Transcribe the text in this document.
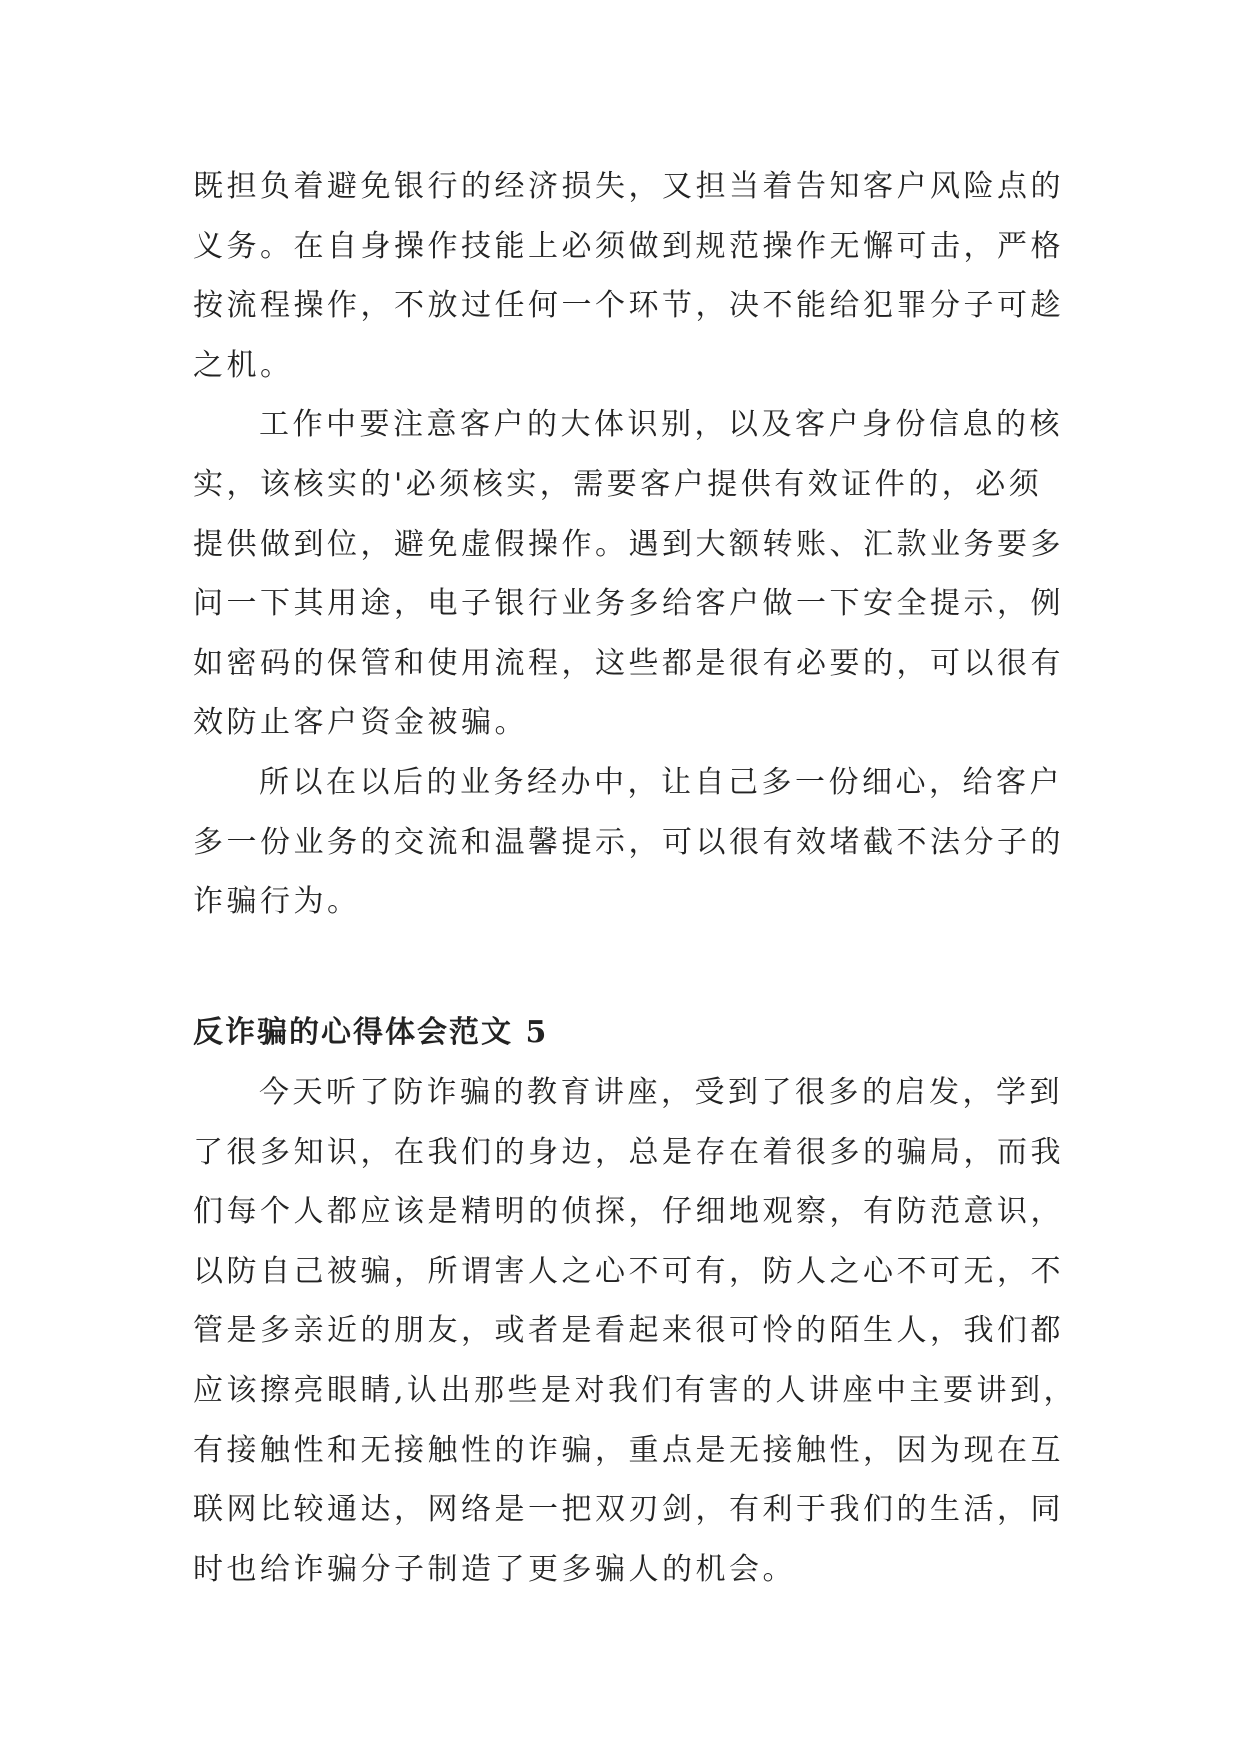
既担负着避免银行的经济损失，又担当着告知客户风险点的
义务。在自身操作技能上必须做到规范操作无懈可击，严格
按流程操作，不放过任何一个环节，决不能给犯罪分子可趁
之机。

工作中要注意客户的大体识别，以及客户身份信息的核
实，该核实的'必须核实，需要客户提供有效证件的，必须
提供做到位，避免虚假操作。遇到大额转账、汇款业务要多
问一下其用途，电子银行业务多给客户做一下安全提示，例
如密码的保管和使用流程，这些都是很有必要的，可以很有
效防止客户资金被骗。

所以在以后的业务经办中，让自己多一份细心，给客户
多一份业务的交流和温馨提示，可以很有效堵截不法分子的
诈骗行为。

反诈骗的心得体会范文 5

今天听了防诈骗的教育讲座，受到了很多的启发，学到
了很多知识，在我们的身边，总是存在着很多的骗局，而我
们每个人都应该是精明的侦探，仔细地观察，有防范意识，
以防自己被骗，所谓害人之心不可有，防人之心不可无，不
管是多亲近的朋友，或者是看起来很可怜的陌生人，我们都
应该擦亮眼睛,认出那些是对我们有害的人讲座中主要讲到，
有接触性和无接触性的诈骗，重点是无接触性，因为现在互
联网比较通达，网络是一把双刃剑，有利于我们的生活，同
时也给诈骗分子制造了更多骗人的机会。
